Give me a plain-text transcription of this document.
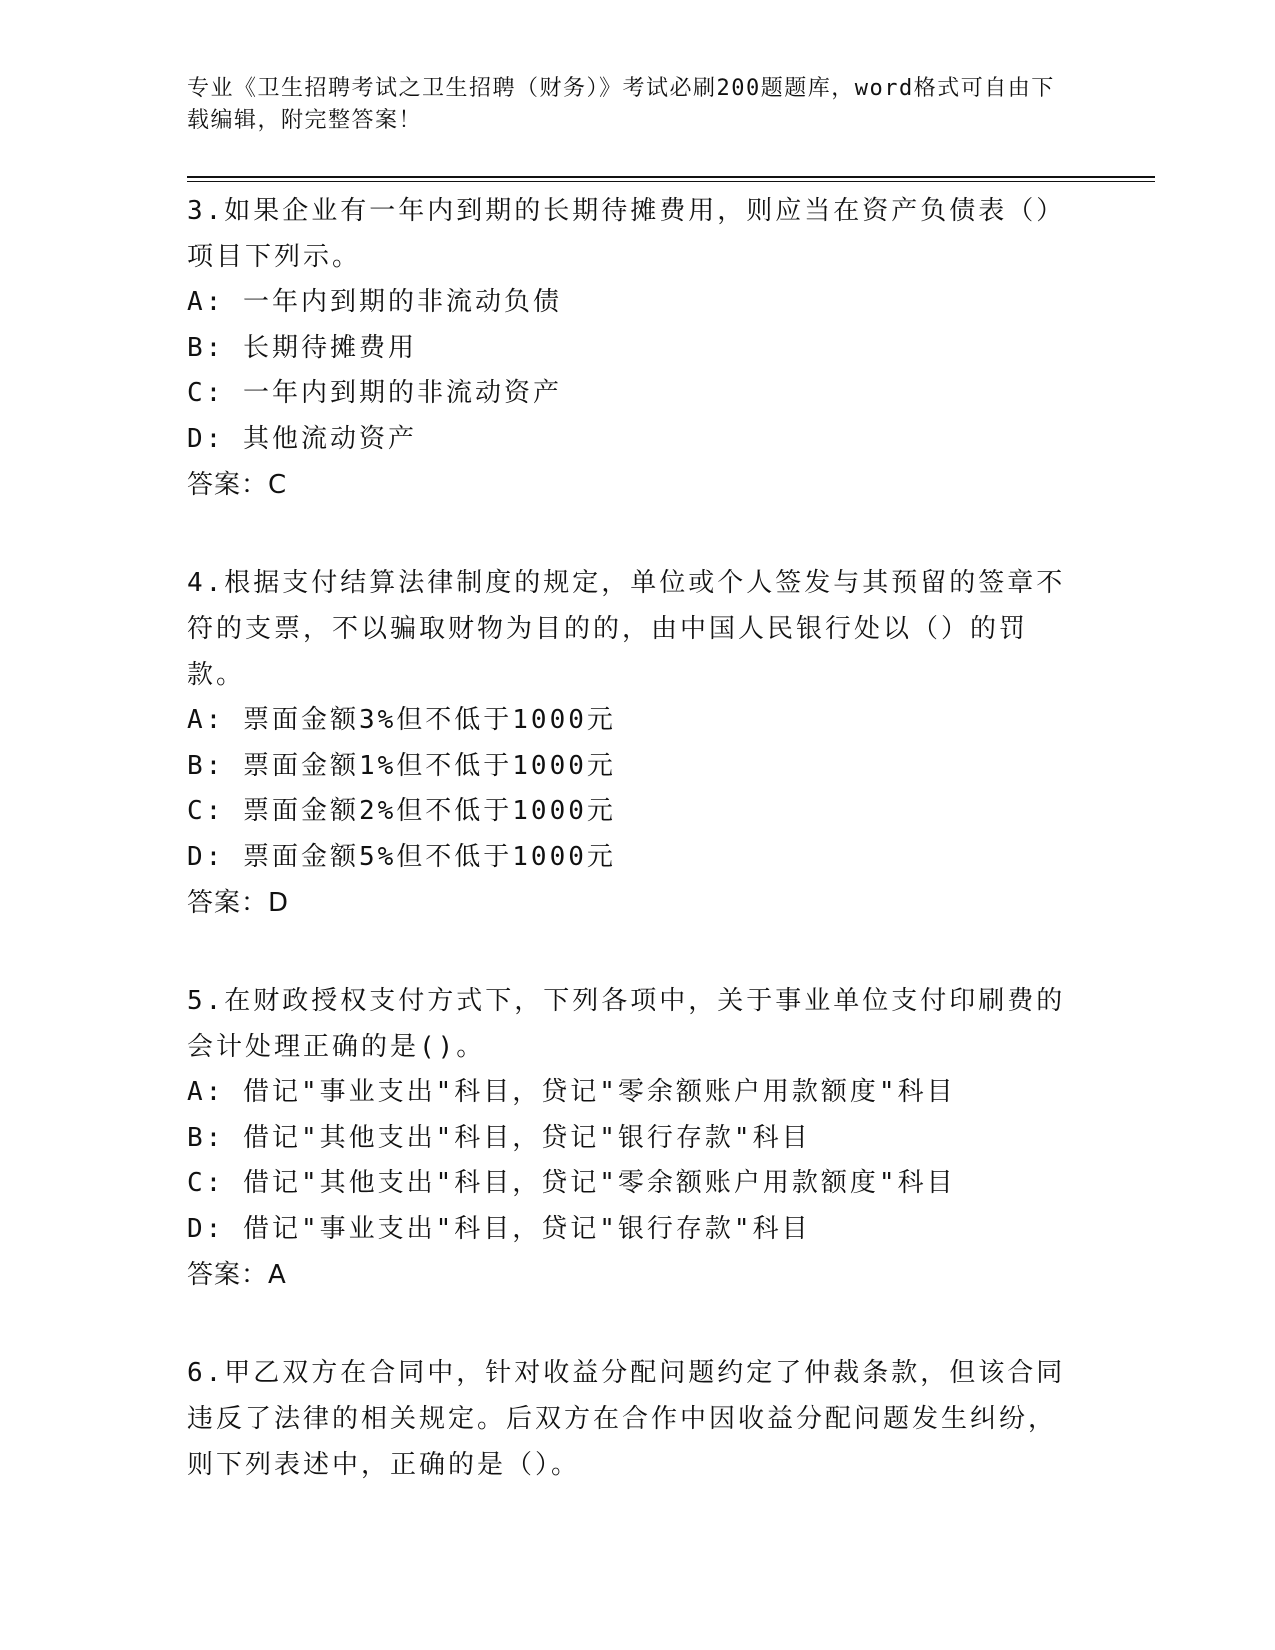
专业《卫生招聘考试之卫生招聘（财务）》考试必刷200题题库，word格式可自由下载编辑，附完整答案！

3.如果企业有一年内到期的长期待摊费用，则应当在资产负债表（）项目下列示。

A: 一年内到期的非流动负债

B: 长期待摊费用

C: 一年内到期的非流动资产

D: 其他流动资产

答案：C

4.根据支付结算法律制度的规定，单位或个人签发与其预留的签章不符的支票，不以骗取财物为目的的，由中国人民银行处以（）的罚款。

A: 票面金额3%但不低于1000元

B: 票面金额1%但不低于1000元

C: 票面金额2%但不低于1000元

D: 票面金额5%但不低于1000元

答案：D

5.在财政授权支付方式下，下列各项中，关于事业单位支付印刷费的会计处理正确的是()。

A: 借记"事业支出"科目，贷记"零余额账户用款额度"科目

B: 借记"其他支出"科目，贷记"银行存款"科目

C: 借记"其他支出"科目，贷记"零余额账户用款额度"科目

D: 借记"事业支出"科目，贷记"银行存款"科目

答案：A

6.甲乙双方在合同中，针对收益分配问题约定了仲裁条款，但该合同违反了法律的相关规定。后双方在合作中因收益分配问题发生纠纷，则下列表述中，正确的是（）。
